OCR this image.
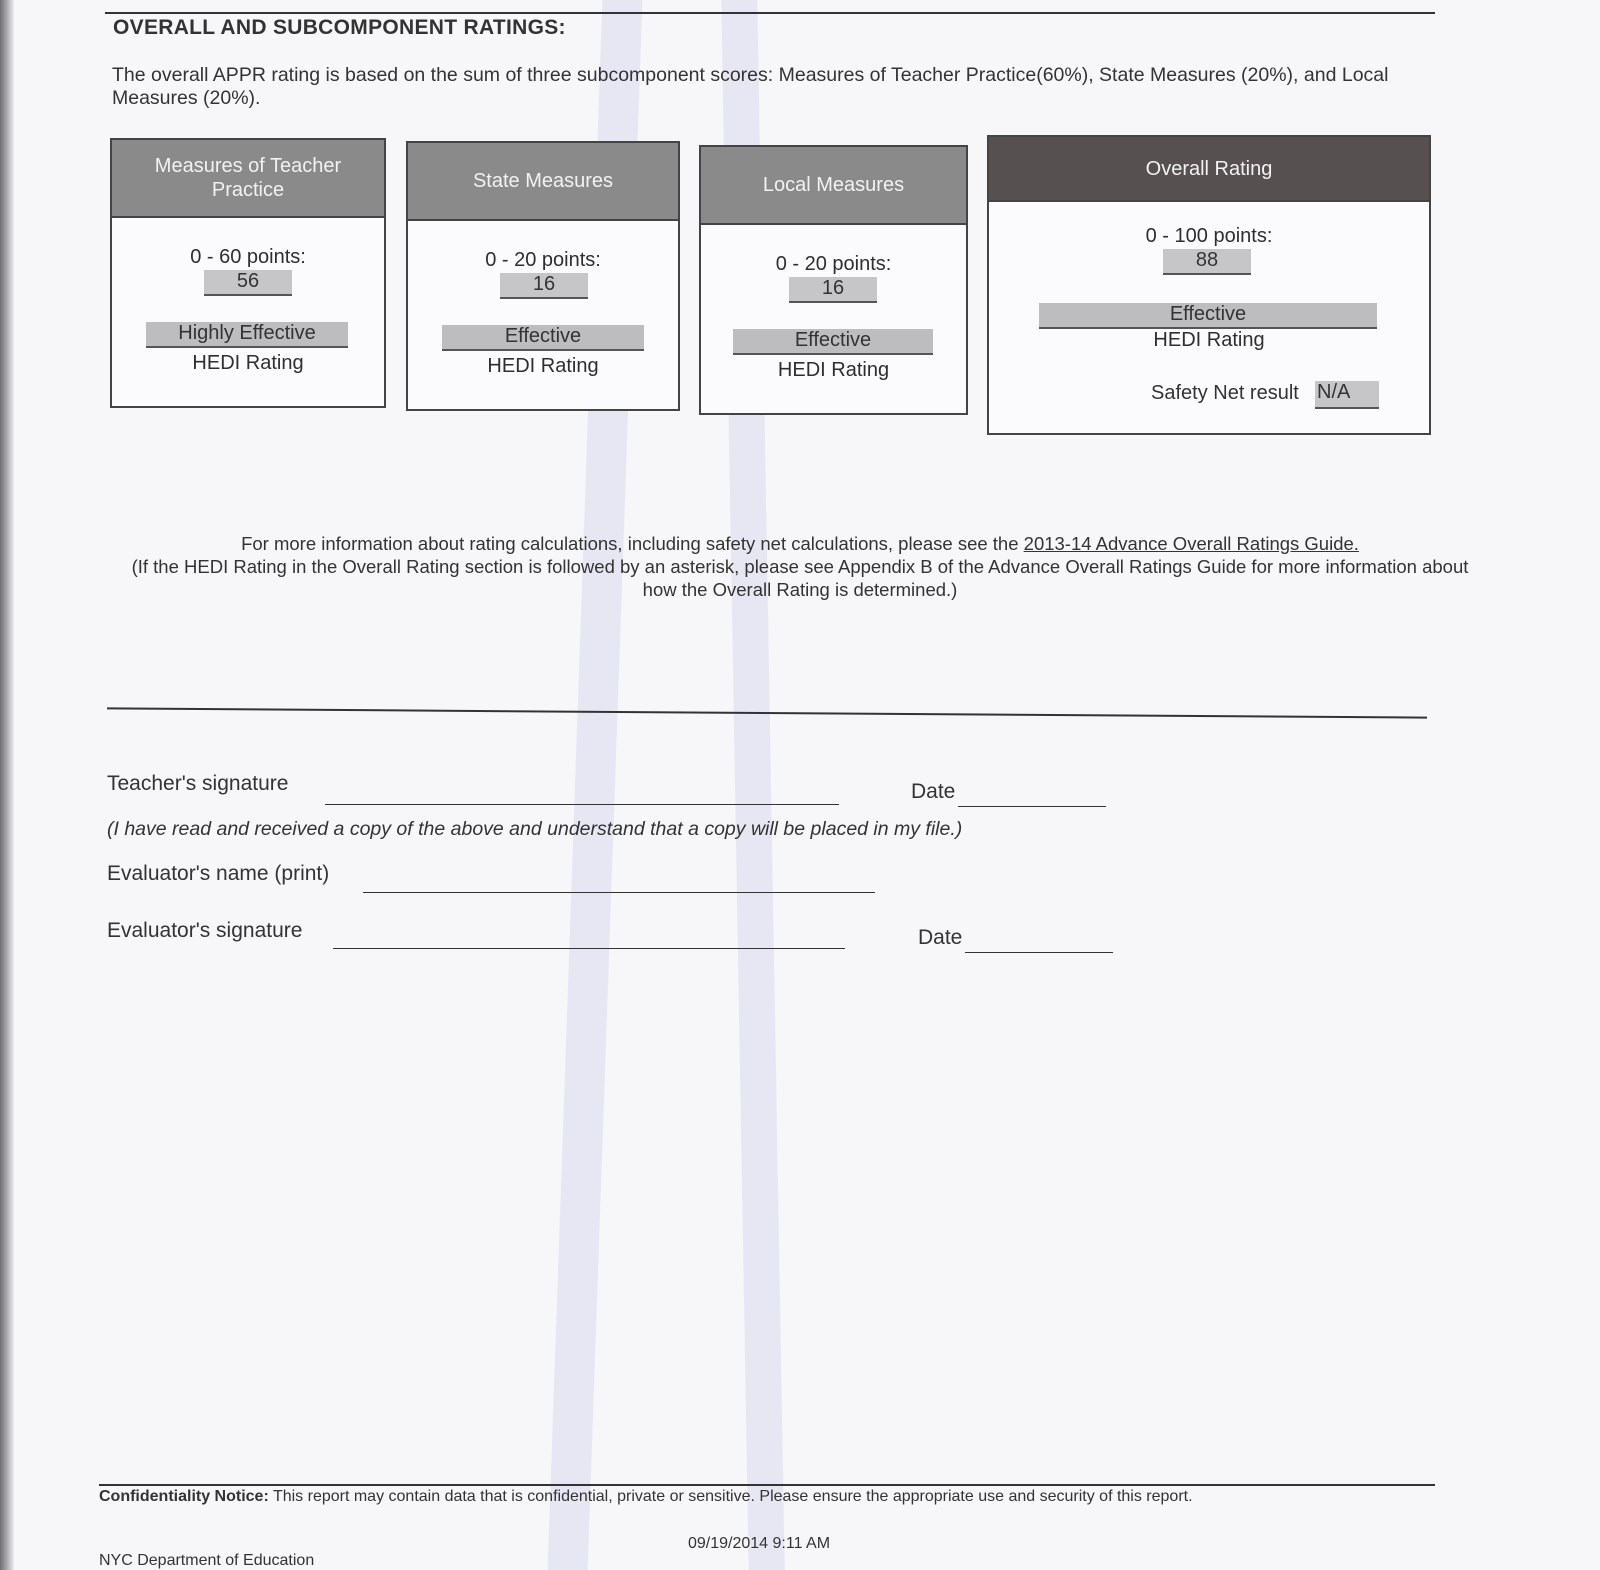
OVERALL AND SUBCOMPONENT RATINGS:
The overall APPR rating is based on the sum of three subcomponent scores: Measures of Teacher Practice(60%), State Measures (20%), and Local Measures (20%).
Measures of Teacher Practice
0 - 60 points:
56
Highly Effective
HEDI Rating
State Measures
0 - 20 points:
16
Effective
HEDI Rating
Local Measures
0 - 20 points:
16
Effective
HEDI Rating
Overall Rating
0 - 100 points:
88
Effective
HEDI Rating
Safety Net result N/A
For more information about rating calculations, including safety net calculations, please see the 2013-14 Advance Overall Ratings Guide.
(If the HEDI Rating in the Overall Rating section is followed by an asterisk, please see Appendix B of the Advance Overall Ratings Guide for more information about how the Overall Rating is determined.)
Teacher's signature	Date
(I have read and received a copy of the above and understand that a copy will be placed in my file.)
Evaluator's name (print)
Evaluator's signature	Date
Confidentiality Notice: This report may contain data that is confidential, private or sensitive. Please ensure the appropriate use and security of this report.
09/19/2014 9:11 AM
NYC Department of Education
